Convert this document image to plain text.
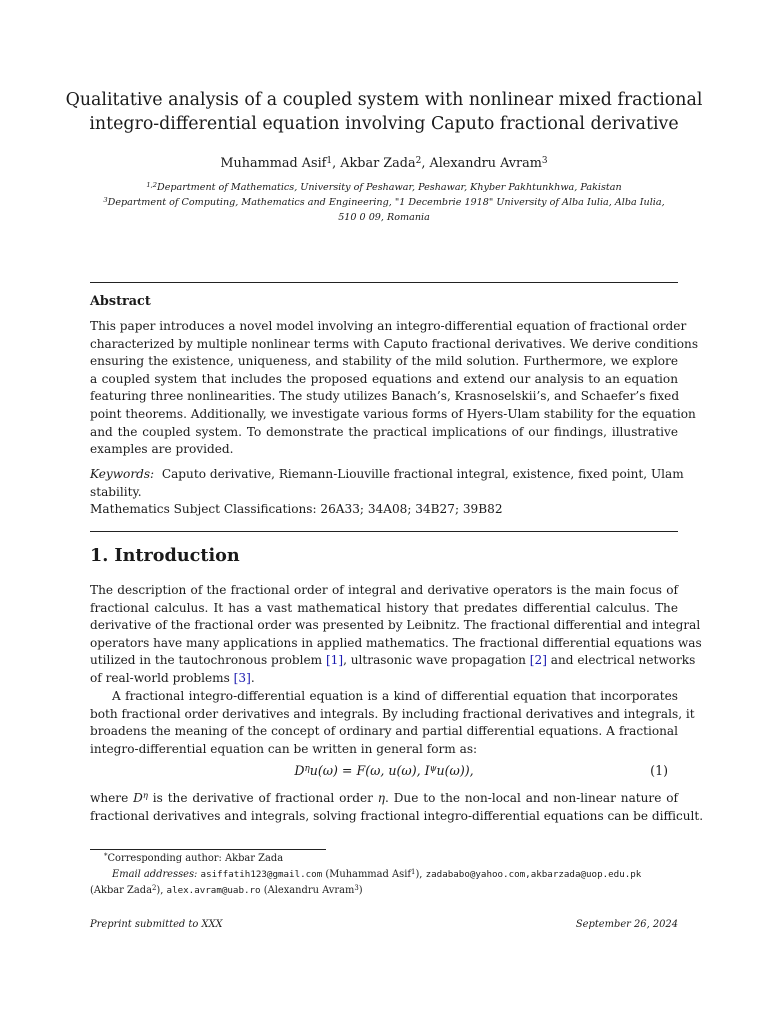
Qualitative analysis of a coupled system with nonlinear mixed fractional
integro-differential equation involving Caputo fractional derivative
Muhammad Asif$^1$, Akbar Zada$^2$, Alexandru Avram$^3$
$^{1,2}$Department of Mathematics, University of Peshawar, Peshawar, Khyber Pakhtunkhwa, Pakistan
$^3$Department of Computing, Mathematics and Engineering, "1 Decembrie 1918" University of Alba Iulia, Alba Iulia,
510 0 09, Romania
Abstract
This paper introduces a novel model involving an integro-differential equation of fractional order
characterized by multiple nonlinear terms with Caputo fractional derivatives. We derive conditions
ensuring the existence, uniqueness, and stability of the mild solution. Furthermore, we explore
a coupled system that includes the proposed equations and extend our analysis to an equation
featuring three nonlinearities. The study utilizes Banach’s, Krasnoselskii’s, and Schaefer’s fixed
point theorems. Additionally, we investigate various forms of Hyers-Ulam stability for the equation
and the coupled system. To demonstrate the practical implications of our findings, illustrative
examples are provided.
Keywords: Caputo derivative, Riemann-Liouville fractional integral, existence, fixed point, Ulam
stability.
Mathematics Subject Classifications: 26A33; 34A08; 34B27; 39B82
1. Introduction
The description of the fractional order of integral and derivative operators is the main focus of
fractional calculus. It has a vast mathematical history that predates differential calculus. The
derivative of the fractional order was presented by Leibnitz. The fractional differential and integral
operators have many applications in applied mathematics. The fractional differential equations was
utilized in the tautochronous problem [1], ultrasonic wave propagation [2] and electrical networks
of real-world problems [3].
A fractional integro-differential equation is a kind of differential equation that incorporates
both fractional order derivatives and integrals. By including fractional derivatives and integrals, it
broadens the meaning of the concept of ordinary and partial differential equations. A fractional
integro-differential equation can be written in general form as:
$D^\eta u(\omega) = F(\omega$, u(ω), $I^\psi u(\omega)$),	(1)
where $D^\eta$ is the derivative of fractional order η. Due to the non-local and non-linear nature of
fractional derivatives and integrals, solving fractional integro-differential equations can be difficult.
*Corresponding author: Akbar Zada
Email addresses: asiffatih123@gmail.com (Muhammad Asif$^1$), zadababo@yahoo.com,akbarzada@uop.edu.pk
(Akbar Zada$^2$), alex.avram@uab.ro (Alexandru Avram$^3$)
Preprint submitted to XXX	September 26, 2024
